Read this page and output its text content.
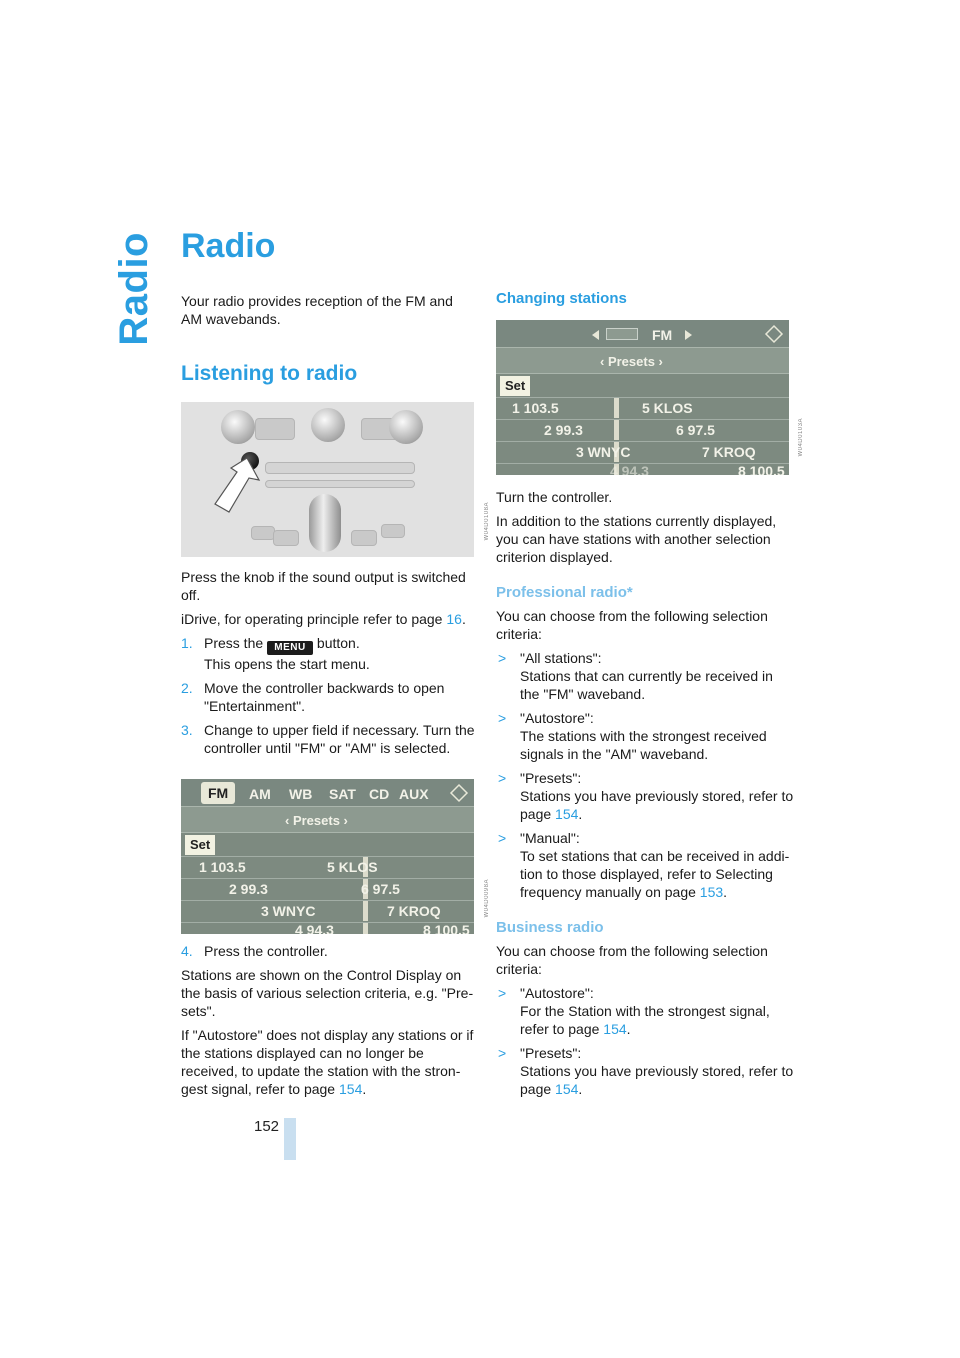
Radio
152
Radio

Your radio provides reception of the FM and AM wavebands.

Listening to radio
W04D0108A

Press the knob if the sound output is switched off.

iDrive, for operating principle refer to page 16.

1. Press the MENU button.
This opens the start menu.
2. Move the controller backwards to open "Entertainment".
3. Change to upper field if necessary. Turn the controller until "FM" or "AM" is selected.
FM	AM WB SAT CD AUX
‹ Presets ›
Set
1 103.5	5 KLOS
2 99.3	6 97.5
3 WNYC	7 KROQ
4 94.3	8 100.5
W04D0098A
4. Press the controller.

Stations are shown on the Control Display on the basis of various selection criteria, e.g. "Pre-sets".

If "Autostore" does not display any stations or if the stations displayed can no longer be received, to update the station with the stron-gest signal, refer to page 154.

Changing stations
FM
‹ Presets ›
Set
1 103.5	5 KLOS
2 99.3	6 97.5
3 WNYC	7 KROQ
4 94.3	8 100.5
W04D0103A

Turn the controller.

In addition to the stations currently displayed, you can have stations with another selection criterion displayed.

Professional radio*

You can choose from the following selection criteria:

> "All stations":
Stations that can currently be received in the "FM" waveband.
> "Autostore":
The stations with the strongest received signals in the "AM" waveband.
> "Presets":
Stations you have previously stored, refer to page 154.
> "Manual":
To set stations that can be received in addi-tion to those displayed, refer to Selecting frequency manually on page 153.
Business radio

You can choose from the following selection criteria:

> "Autostore":
For the Station with the strongest signal, refer to page 154.
> "Presets":
Stations you have previously stored, refer to page 154.
